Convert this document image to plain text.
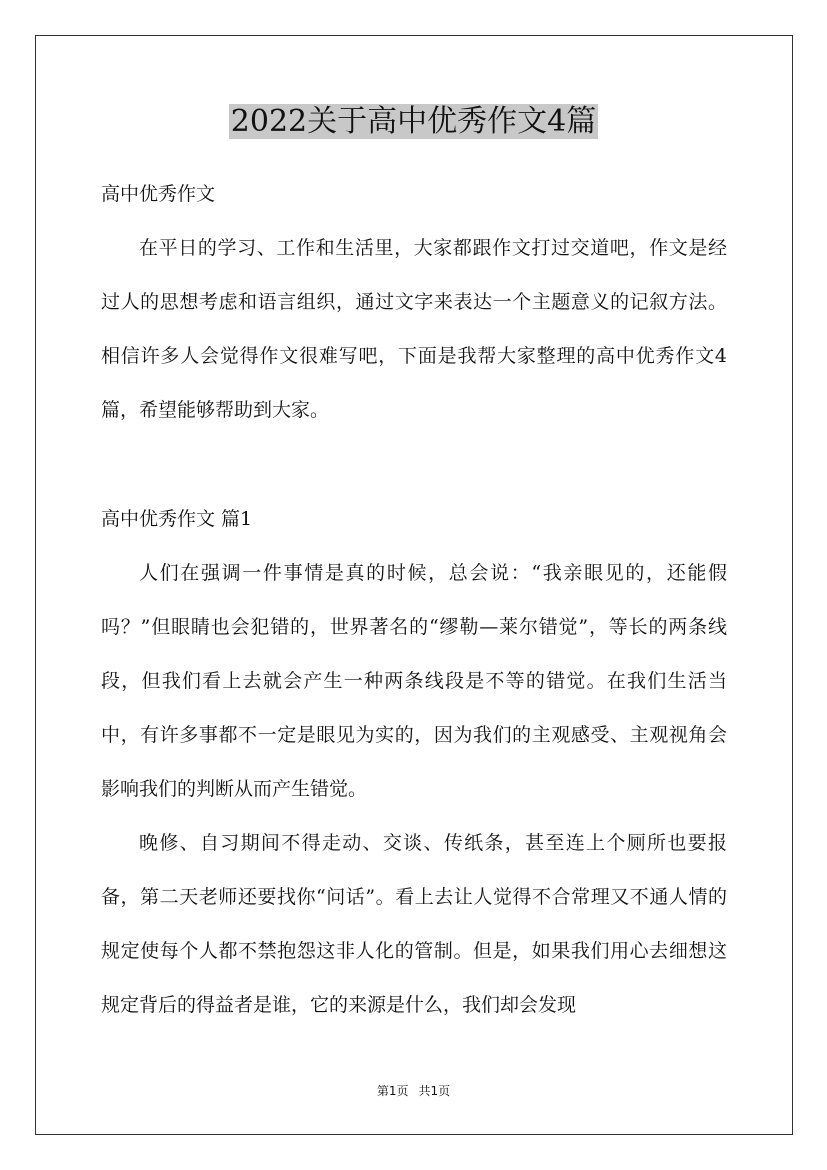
2022关于高中优秀作文4篇
高中优秀作文

在平日的学习、工作和生活里，大家都跟作文打过交道吧，作文是经过人的思想考虑和语言组织，通过文字来表达一个主题意义的记叙方法。相信许多人会觉得作文很难写吧，下面是我帮大家整理的高中优秀作文4篇，希望能够帮助到大家。

高中优秀作文 篇1

人们在强调一件事情是真的时候，总会说：“我亲眼见的，还能假吗？”但眼睛也会犯错的，世界著名的“缪勒—莱尔错觉”，等长的两条线段，但我们看上去就会产生一种两条线段是不等的错觉。在我们生活当中，有许多事都不一定是眼见为实的，因为我们的主观感受、主观视角会影响我们的判断从而产生错觉。

晚修、自习期间不得走动、交谈、传纸条，甚至连上个厕所也要报备，第二天老师还要找你“问话”。看上去让人觉得不合常理又不通人情的规定使每个人都不禁抱怨这非人化的管制。但是，如果我们用心去细想这规定背后的得益者是谁，它的来源是什么，我们却会发现

第1页 共1页
